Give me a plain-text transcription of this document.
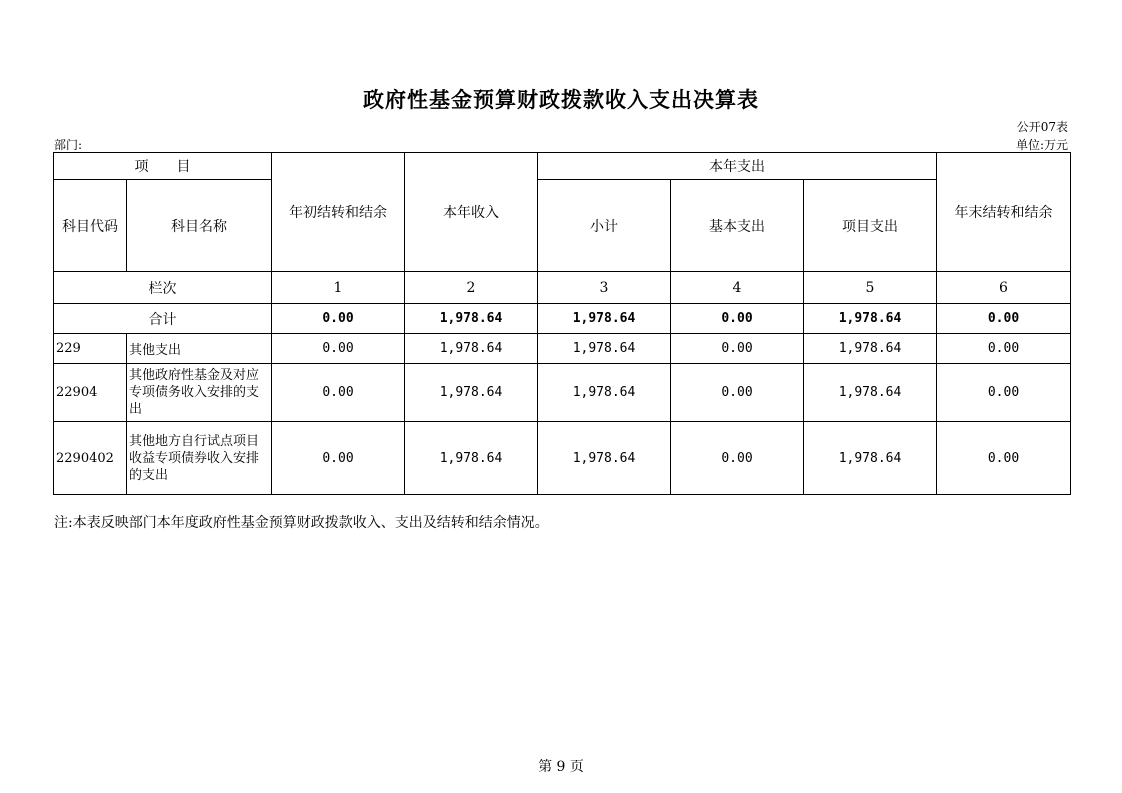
政府性基金预算财政拨款收入支出决算表
公开07表
部门:	单位:万元
项　　目		年初结转和结余	本年收入	本年支出			年末结转和结余
科目代码	科目名称			小计	基本支出	项目支出	
栏次		1	2	3	4	5	6
合计		0.00	1,978.64	1,978.64	0.00	1,978.64	0.00
229	其他支出	0.00	1,978.64	1,978.64	0.00	1,978.64	0.00
22904	其他政府性基金及对应专项债务收入安排的支出	0.00	1,978.64	1,978.64	0.00	1,978.64	0.00
2290402	其他地方自行试点项目收益专项债券收入安排的支出	0.00	1,978.64	1,978.64	0.00	1,978.64	0.00
注:本表反映部门本年度政府性基金预算财政拨款收入、支出及结转和结余情况。
第 9 页
